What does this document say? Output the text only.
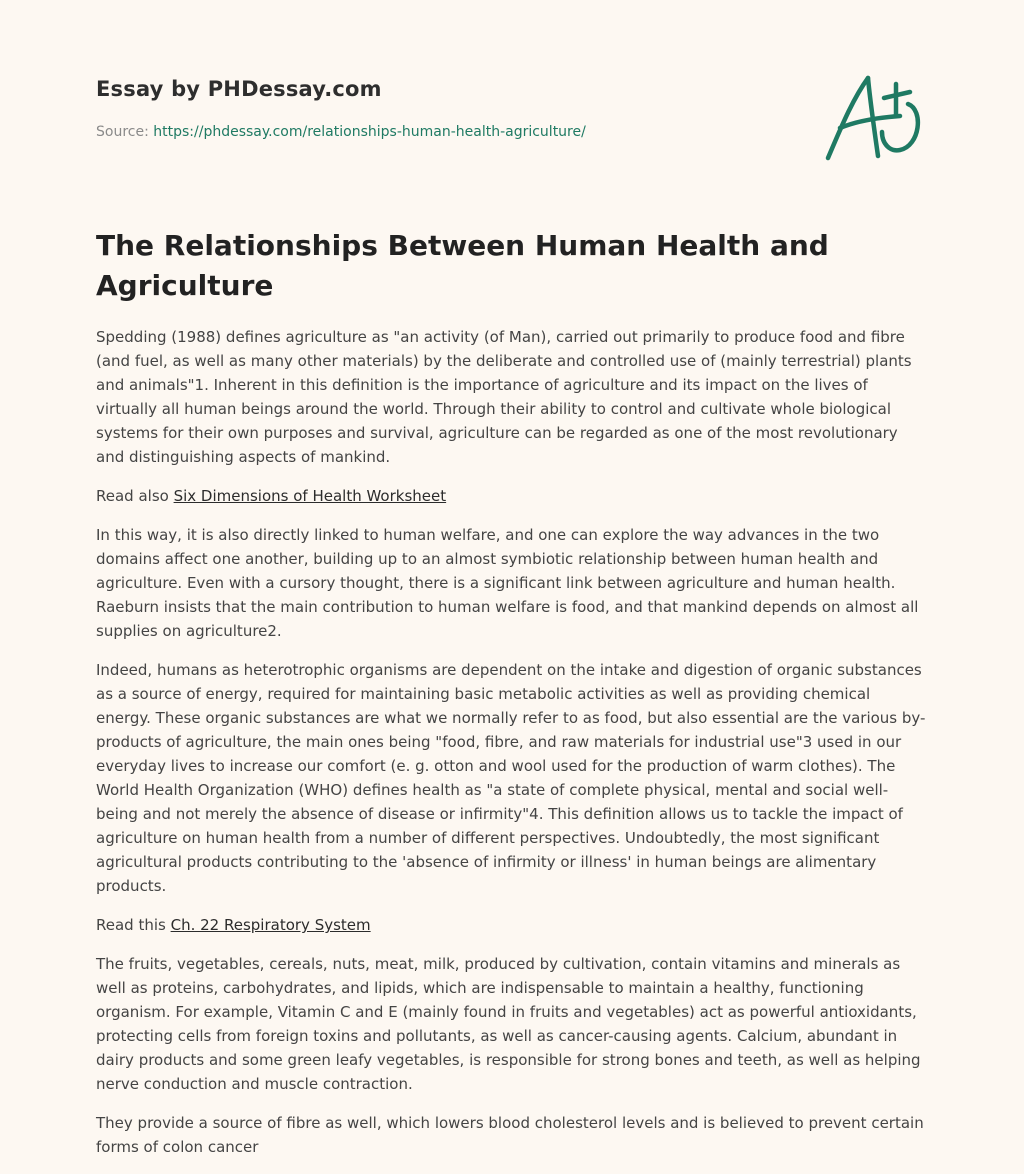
Essay by PHDessay.com
Source: https://phdessay.com/relationships-human-health-agriculture/
The Relationships Between Human Health and Agriculture

Spedding (1988) defines agriculture as "an activity (of Man), carried out primarily to produce food and fibre (and fuel, as well as many other materials) by the deliberate and controlled use of (mainly terrestrial) plants and animals"1. Inherent in this definition is the importance of agriculture and its impact on the lives of virtually all human beings around the world. Through their ability to control and cultivate whole biological systems for their own purposes and survival, agriculture can be regarded as one of the most revolutionary and distinguishing aspects of mankind.

Read also Six Dimensions of Health Worksheet

In this way, it is also directly linked to human welfare, and one can explore the way advances in the two domains affect one another, building up to an almost symbiotic relationship between human health and agriculture. Even with a cursory thought, there is a significant link between agriculture and human health. Raeburn insists that the main contribution to human welfare is food, and that mankind depends on almost all supplies on agriculture2.

Indeed, humans as heterotrophic organisms are dependent on the intake and digestion of organic substances as a source of energy, required for maintaining basic metabolic activities as well as providing chemical energy. These organic substances are what we normally refer to as food, but also essential are the various by-products of agriculture, the main ones being "food, fibre, and raw materials for industrial use"3 used in our everyday lives to increase our comfort (e. g. otton and wool used for the production of warm clothes). The World Health Organization (WHO) defines health as "a state of complete physical, mental and social well-being and not merely the absence of disease or infirmity"4. This definition allows us to tackle the impact of agriculture on human health from a number of different perspectives. Undoubtedly, the most significant agricultural products contributing to the 'absence of infirmity or illness' in human beings are alimentary products.

Read this Ch. 22 Respiratory System

The fruits, vegetables, cereals, nuts, meat, milk, produced by cultivation, contain vitamins and minerals as well as proteins, carbohydrates, and lipids, which are indispensable to maintain a healthy, functioning organism. For example, Vitamin C and E (mainly found in fruits and vegetables) act as powerful antioxidants, protecting cells from foreign toxins and pollutants, as well as cancer-causing agents. Calcium, abundant in dairy products and some green leafy vegetables, is responsible for strong bones and teeth, as well as helping nerve conduction and muscle contraction.

They provide a source of fibre as well, which lowers blood cholesterol levels and is believed to prevent certain forms of colon cancer
